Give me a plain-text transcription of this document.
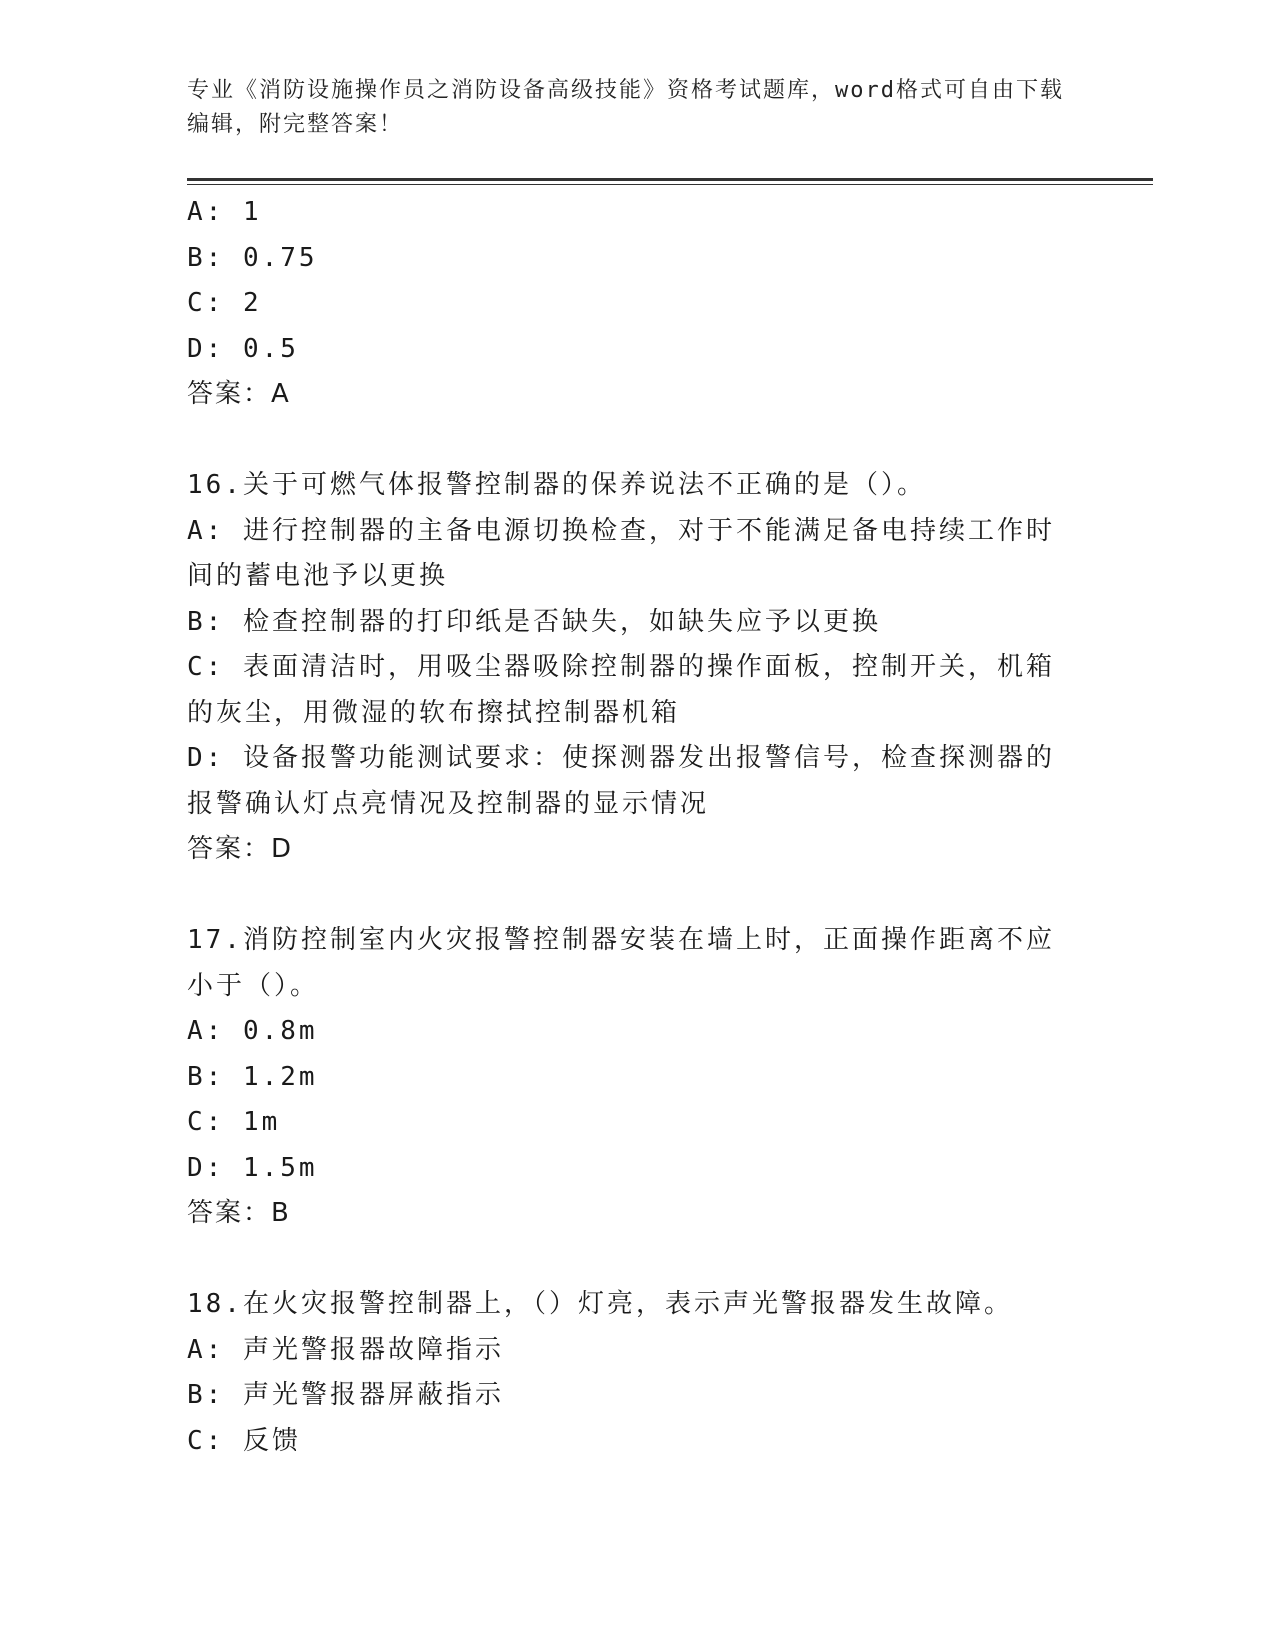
专业《消防设施操作员之消防设备高级技能》资格考试题库，word格式可自由下载编辑，附完整答案！

A: 1

B: 0.75

C: 2

D: 0.5

答案：A

16.关于可燃气体报警控制器的保养说法不正确的是（）。

A: 进行控制器的主备电源切换检查，对于不能满足备电持续工作时间的蓄电池予以更换

B: 检查控制器的打印纸是否缺失，如缺失应予以更换

C: 表面清洁时，用吸尘器吸除控制器的操作面板，控制开关，机箱的灰尘，用微湿的软布擦拭控制器机箱

D: 设备报警功能测试要求：使探测器发出报警信号，检查探测器的报警确认灯点亮情况及控制器的显示情况

答案：D

17.消防控制室内火灾报警控制器安装在墙上时，正面操作距离不应小于（）。

A: 0.8m

B: 1.2m

C: 1m

D: 1.5m

答案：B

18.在火灾报警控制器上，（）灯亮，表示声光警报器发生故障。

A: 声光警报器故障指示

B: 声光警报器屏蔽指示

C: 反馈
